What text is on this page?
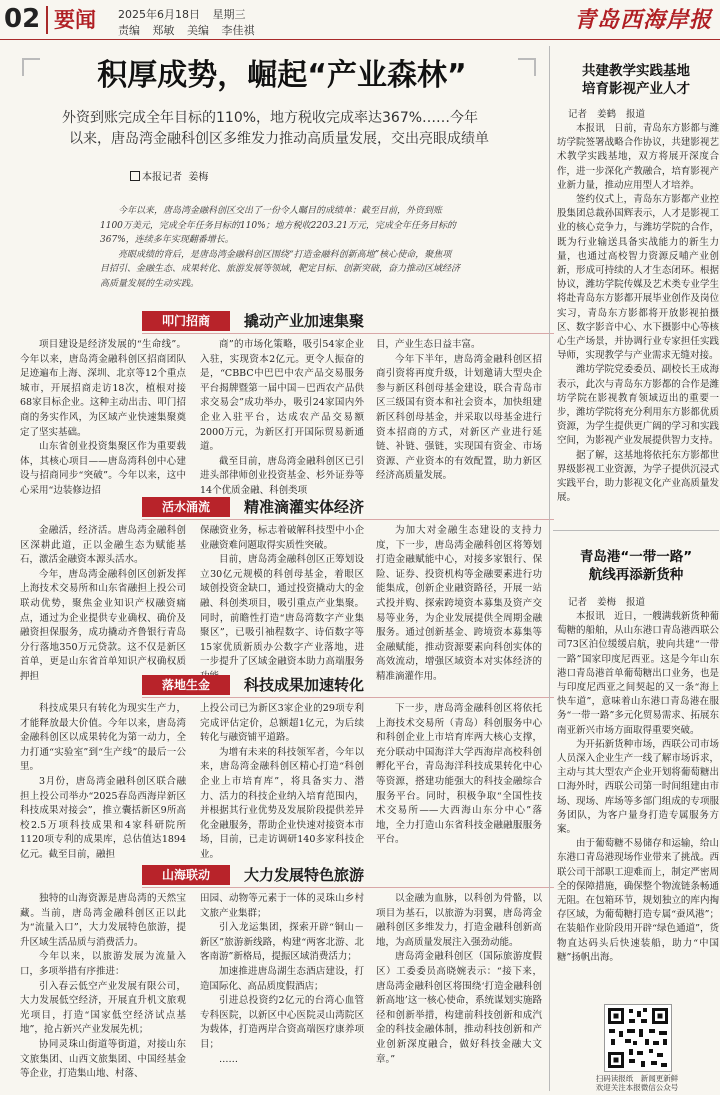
02 要闻 2025年6月18日 星期三
责编 郑敏 美编 李佳祺	青岛西海岸报
积厚成势，崛起“产业森林”
外资到账完成全年目标的110%，地方税收完成率达367%……今年
以来，唐岛湾金融科创区多维发力推动高质量发展，交出亮眼成绩单
本报记者 姜梅

今年以来，唐岛湾金融科创区交出了一份令人瞩目的成绩单：截至目前，外资到账1100万美元，完成全年任务目标的110%；地方税收2203.21万元，完成全年任务目标的367%，连续多年实现翻番增长。

亮眼成绩的背后，是唐岛湾金融科创区围绕“打造金融科创新高地”核心使命，聚焦项目招引、金融生态、成果转化、旅游发展等领域，靶定目标、创新突破，奋力推动区域经济高质量发展的生动实践。

叩门招商	撬动产业加速集聚

项目建设是经济发展的“生命线”。今年以来，唐岛湾金融科创区招商团队足迹遍布上海、深圳、北京等12个重点城市，开展招商走访18次，植根对接68家目标企业。这种主动出击、叩门招商的务实作风，为区域产业快速集聚奠定了坚实基础。

山东省创业投资集聚区作为重要载体，其核心项目——唐岛湾科创中心建设与招商同步“突破”。今年以来，这中心采用“边装修边招

商”的市场化策略，吸引54家企业入驻，实现资本2亿元。更令人振奋的是，“CBBC中巴巴中农产品交易服务平台揭牌暨第一届中国－巴西农产品供求交易会”成功举办，吸引24家国内外企业入驻平台，达成农产品交易额2000万元，为新区打开国际贸易新通道。

截至目前，唐岛湾金融科创区已引进头部律师创业投资基金、杉外证券等14个优质金融、科创类项

目，产业生态日益丰富。

今年下半年，唐岛湾金融科创区招商引资将再度升级，计划邀请大型央企参与新区科创母基金建设，联合青岛市区三级国有资本和社会资本，加快组建新区科创母基金，并采取以母基金进行资本招商的方式，对新区产业进行延链、补链、强链，实现国有资金、市场资源、产业资本的有效配置，助力新区经济高质量发展。

活水涌流	精准滴灌实体经济

金融活，经济活。唐岛湾金融科创区深耕此道，正以金融生态为赋能基石，激活金融资本源头活水。

今年，唐岛湾金融科创区创新发挥上海技术交易所和山东省融担上投公司联动优势，聚焦金业知识产权融资痛点，通过为企业提供专业确权、确价及融资担保服务，成功撬动齐鲁银行青岛分行落地350万元贷款。这不仅是新区首单，更是山东省首单知识产权确权质押担

保融资业务，标志着破解科技型中小企业融资难问题取得实质性突破。

目前，唐岛湾金融科创区正筹划设立30亿元规模的科创母基金，着眼区域创投资金缺口，通过投资撬动大的金融、科创类项目，吸引重点产业集聚。同时，前瞻性打造“唐岛湾数字产业集聚区”，已吸引袖程数字、诗佰数字等15家优质新质办公数字产业落地，进一步提升了区域金融资本助力高端服务

为加大对金融生态建设的支持力度，下一步，唐岛湾金融科创区将筹划打造金融赋能中心，对接多家银行、保险、证券、投资机构等金融要素进行功能集成，创新企业融资路径，开展一站式投并购、探索跨境资本募集及资产交易等业务，为企业发展提供全周期金融服务。通过创新基金、跨境资本募集等金融赋能，推动资源要素向科创实体的高效流动，增强区域资本对实体经济的精准滴灌作用。

落地生金	科技成果加速转化

科技成果只有转化为现实生产力，才能释放最大价值。今年以来，唐岛湾金融科创区以成果转化为第一动力，全力打通“实验室”到“生产线”的最后一公里。

3月份，唐岛湾金融科创区联合融担上投公司举办“2025春岛西海岸新区科技成果对接会”，推立囊括新区9所高校2.5万项科技成果和4家科研院所1120项专利的成果库，总估值达1894亿元。截至目前，融担

上投公司已为新区3家企业的29项专利完成评估定价，总额超1亿元，为后续转化与融资铺平道路。

为增有未来的科技领军者，今年以来，唐岛湾金融科创区精心打造“科创企业上市培育库”，将具备实力、潜力、活力的科技企业纳入培育范围内，并根据其行业优势及发展阶段提供差异化金融服务，帮助企业快速对接资本市场，目前，已走访调研140多家科技企业。

下一步，唐岛湾金融科创区将依托上海技术交易所（青岛）科创服务中心和科创企业上市培育库两大核心支撑，充分联动中国海洋大学西海岸高校科创孵化平台，青岛海洋科技成果转化中心等资源，搭建功能强大的科技金融综合服务平台。同时，积极争取“全国性技术交易所——大西海山东分中心”落地，全力打造山东省科技金融融服服务平台。

山海联动	大力发展特色旅游

独特的山海资源是唐岛湾的天然宝藏。当前，唐岛湾金融科创区正以此为“流量入口”，大力发展特色旅游，提升区域生活品质与消费活力。

今年以来，以旅游发展为流量入口，多项举措有序推进：

引入春云低空产业发展有限公司，大力发展低空经济，开展直升机文旅观光项目，打造“国家低空经济试点基地”，抢占新兴产业发展先机；

协同灵珠山街道等街道，对接山东文旅集团、山西文旅集团、中国经基金等企业，打造集山地、村落、

田园、动物等元素于一体的灵珠山乡村文旅产业集群；

引入龙运集团，探索开辟“铜山－新区”旅游新线路，构建“两客北游、北客南游”新格局，提振区域消费活力；

加速推进唐岛湖生态酒店建设，打造国际化、高品质度假酒店；

引进总投资约2亿元的台湾心血管专科医院，以新区中心医院灵山湾院区为载体，打造两岸合资高端医疗康养项目；

……

以金融为血脉，以科创为骨骼，以项目为基石，以旅游为羽翼，唐岛湾金融科创区多维发力，打造金融科创新高地，为高质量发展注入强劲动能。

唐岛湾金融科创区（国际旅游度假区）工委委员高晓婉表示：“接下来，唐岛湾金融科创区将围绕‘打造金融科创新高地’这一核心使命，系统谋划实施路径和创新举措，构建前科技创新和成汽金的科技金融体制，推动科技创新和产业创新深度融合，做好科技金融大文章。”

共建教学实践基地
培育影视产业人才
记者 姜鹤 报道

本报讯　日前，青岛东方影都与潍坊学院签署战略合作协议，共建影视艺术教学实践基地，双方将展开深度合作，进一步深化产教融合，培育影视产业新力量，推动应用型人才培养。

签约仪式上，青岛东方影都产业控股集团总裁孙国辉表示，人才是影视工业的核心竞争力，与潍坊学院的合作，既为行业输送具备实战能力的新生力量，也通过高校智力资源反哺产业创新，形成可持续的人才生态闭环。根据协议，潍坊学院传媒及艺术类专业学生将赴青岛东方影都开展毕业创作及岗位实习，青岛东方影都将开放影视拍摄区、数字影音中心、水下摄影中心等核心生产场景，并协调行业专家担任实践导师，实现教学与产业需求无缝对接。

潍坊学院党委委员、副校长王成海表示，此次与青岛东方影都的合作是潍坊学院在影视教育领域迈出的重要一步，潍坊学院将充分利用东方影都优质资源，为学生提供更广阔的学习和实践空间，为影视产业发展提供智力支持。

据了解，这基地将依托东方影都世界级影视工业资源，为学子提供沉浸式实践平台，助力影视文化产业高质量发展。

青岛港“一带一路”
航线再添新货种
记者 姜梅 报道

本报讯　近日，一艘满载新货种葡萄糖的船舶，从山东港口青岛港西联公司73区泊位缓缓启航，驶向共建“一带一路”国家印度尼西亚。这是今年山东港口青岛港首单葡萄糖出口业务，也是与印度尼西亚之间契起的又一条“海上快车道”，意味着山东港口青岛港在服务“一带一路”多元化贸易需求、拓展东南亚新兴市场方面取得重要突破。

为开拓新货种市场，西联公司市场人员深入企业生产一线了解市场诉求，主动与其大型农产企业开划将葡萄糖出口海外时，西联公司第一时间组建由市场、现场、库场等多部门组成的专项服务团队，为客户量身打造专属服务方案。

由于葡萄糖不易储存和运输，给山东港口青岛港现场作业带来了挑战。西联公司干部职工迎难而上，制定严密周全的保障措施，确保整个物流链条畅通无阻。在包箱环节，规划独立的库内掏存区域，为葡萄糖打造专属“蚕风港”；在装船作业阶段用开辟“绿色通道”，货物直达码头后快速装船，助力“中国糖”扬帆出海。

扫码读报纸　新闻更新鲜
欢迎关注本报微信公众号
